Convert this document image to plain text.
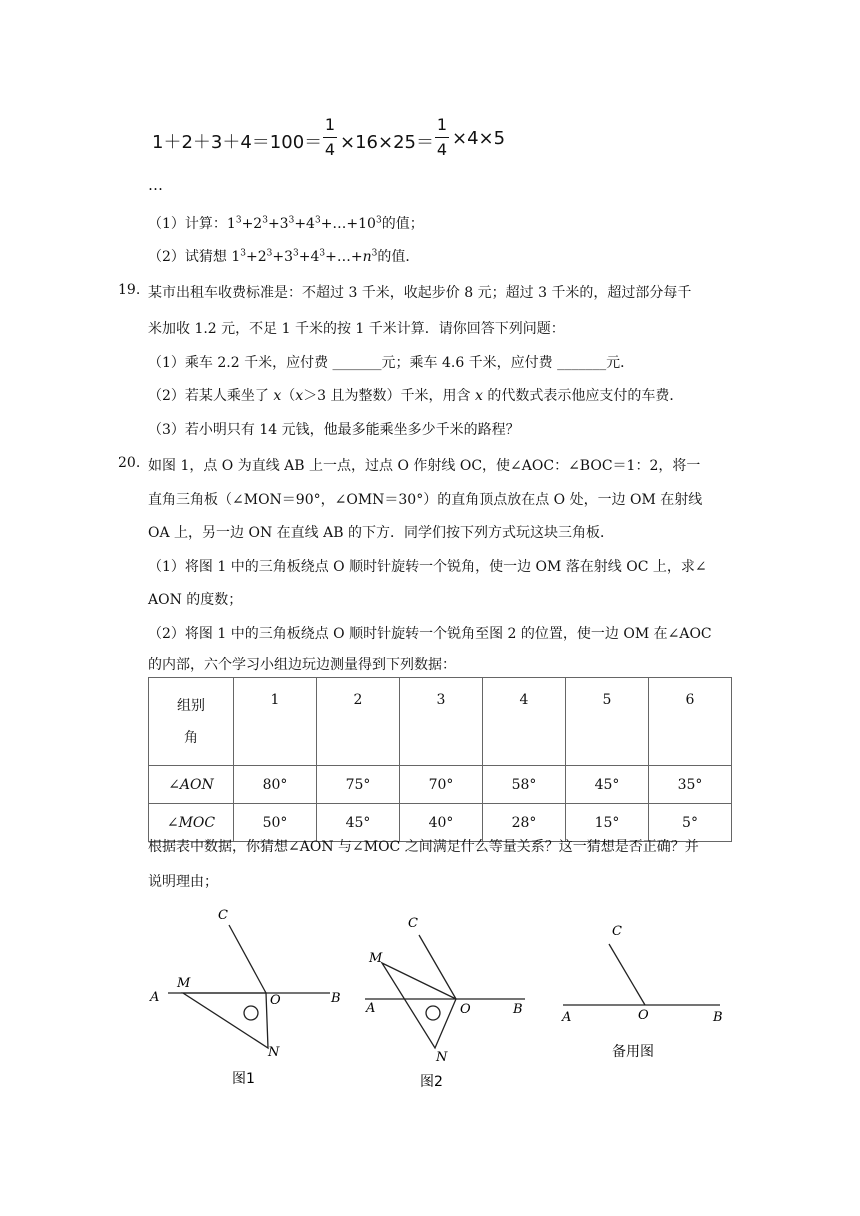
1＋2＋3＋4＝100＝
1
4 ×16×25＝
1
4
×4×5
…
（1）计算：$1^3+2^3+3^3+4^3+\dots+10^3$的值；
（2）试猜想 $1^3+2^3+3^3+4^3+\dots+n^3$的值．
19. 某市出租车收费标准是：不超过 3 千米，收起步价 8 元；超过 3 千米的，超过部分每千
米加收 1.2 元，不足 1 千米的按 1 千米计算．请你回答下列问题：
（1）乘车 2.2 千米，应付费 _______元；乘车 4.6 千米，应付费 _______元．
（2）若某人乘坐了 x（x＞3 且为整数）千米，用含 x 的代数式表示他应支付的车费．
（3）若小明只有 14 元钱，他最多能乘坐多少千米的路程？
20. 如图 1，点 O 为直线 AB 上一点，过点 O 作射线 OC，使∠AOC：∠BOC＝1：2，将一
直角三角板（∠MON＝90°，∠OMN＝30°）的直角顶点放在点 O 处，一边 OM 在射线
OA 上，另一边 ON 在直线 AB 的下方．同学们按下列方式玩这块三角板．
（1）将图 1 中的三角板绕点 O 顺时针旋转一个锐角，使一边 OM 落在射线 OC 上，求∠
AON 的度数；
（2）将图 1 中的三角板绕点 O 顺时针旋转一个锐角至图 2 的位置，使一边 OM 在∠AOC
的内部，六个学习小组边玩边测量得到下列数据：
组别
角	1	2	3	4	5	6
∠AON	80°	75°	70°	58°	45°	35°
∠MOC	50°	45°	40°	28°	15°	5°
根据表中数据，你猜想∠AON 与∠MOC 之间满足什么等量关系？这一猜想是否正确？并
说明理由；
A	B
C
M
O
N
图1
A	B
C
M
O
N
图2
A	B
C
O
备用图
